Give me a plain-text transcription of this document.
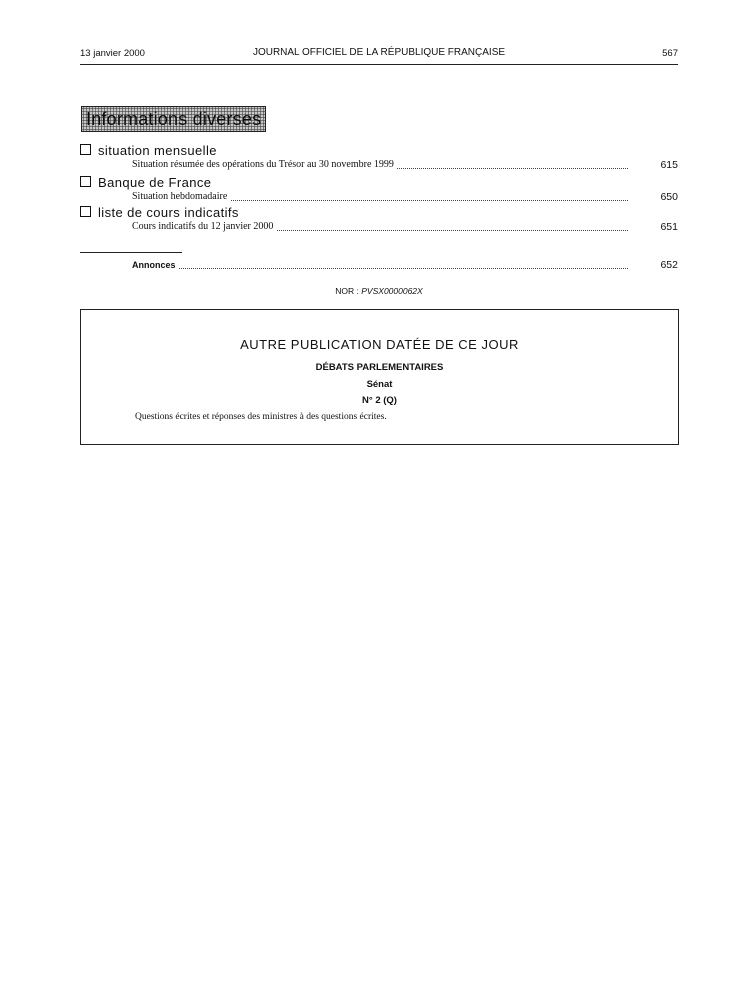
13 janvier 2000	JOURNAL OFFICIEL DE LA RÉPUBLIQUE FRANÇAISE	567
Informations diverses
situation mensuelle
Situation résumée des opérations du Trésor au 30 novembre 1999	615
Banque de France
Situation hebdomadaire	650
liste de cours indicatifs
Cours indicatifs du 12 janvier 2000	651
Annonces	652
NOR : PVSX0000062X
AUTRE PUBLICATION DATÉE DE CE JOUR
DÉBATS PARLEMENTAIRES
Sénat
N° 2 (Q)
Questions écrites et réponses des ministres à des questions écrites.
